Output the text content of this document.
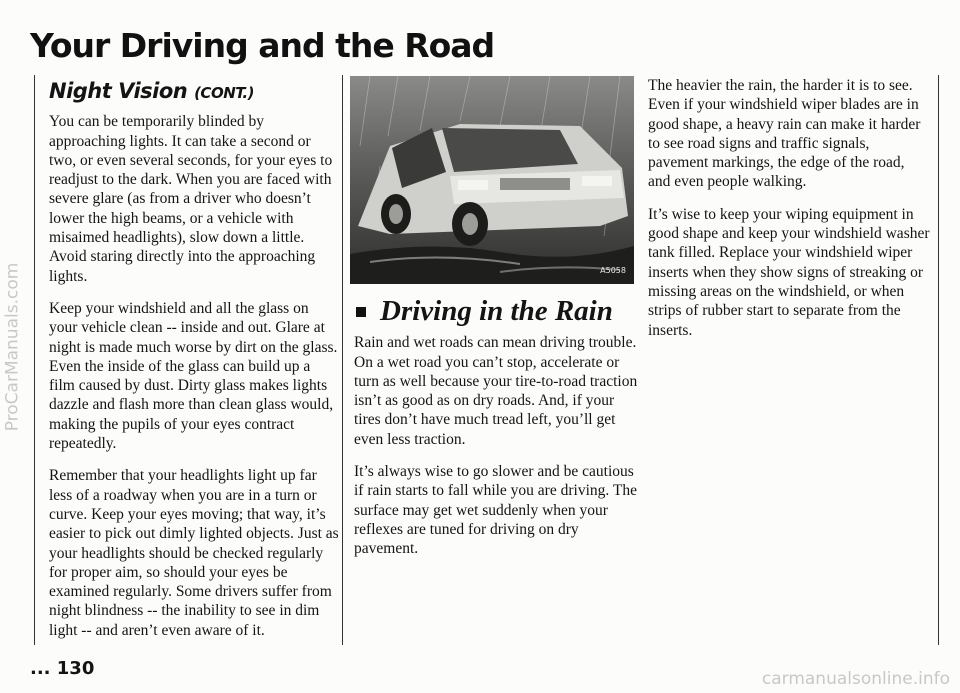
Your Driving and the Road
Night Vision (CONT.)

You can be temporarily blinded by approaching lights. It can take a second or two, or even several seconds, for your eyes to readjust to the dark. When you are faced with severe glare (as from a driver who doesn’t lower the high beams, or a vehicle with misaimed headlights), slow down a little. Avoid staring directly into the approaching lights.

Keep your windshield and all the glass on your vehicle clean -- inside and out. Glare at night is made much worse by dirt on the glass. Even the inside of the glass can build up a film caused by dust. Dirty glass makes lights dazzle and flash more than clean glass would, making the pupils of your eyes contract repeatedly.

Remember that your headlights light up far less of a roadway when you are in a turn or curve. Keep your eyes moving; that way, it’s easier to pick out dimly lighted objects. Just as your headlights should be checked regularly for proper aim, so should your eyes be examined regularly. Some drivers suffer from night blindness -- the inability to see in dim light -- and aren’t even aware of it.

A5058
Driving in the Rain

Rain and wet roads can mean driving trouble. On a wet road you can’t stop, accelerate or turn as well because your tire-to-road traction isn’t as good as on dry roads. And, if your tires don’t have much tread left, you’ll get even less traction.

It’s always wise to go slower and be cautious if rain starts to fall while you are driving. The surface may get wet suddenly when your reflexes are tuned for driving on dry pavement.

The heavier the rain, the harder it is to see. Even if your windshield wiper blades are in good shape, a heavy rain can make it harder to see road signs and traffic signals, pavement markings, the edge of the road, and even people walking.

It’s wise to keep your wiping equipment in good shape and keep your windshield washer tank filled. Replace your windshield wiper inserts when they show signs of streaking or missing areas on the windshield, or when strips of rubber start to separate from the inserts.

... 130
ProCarManuals.com
carmanualsonline.info
